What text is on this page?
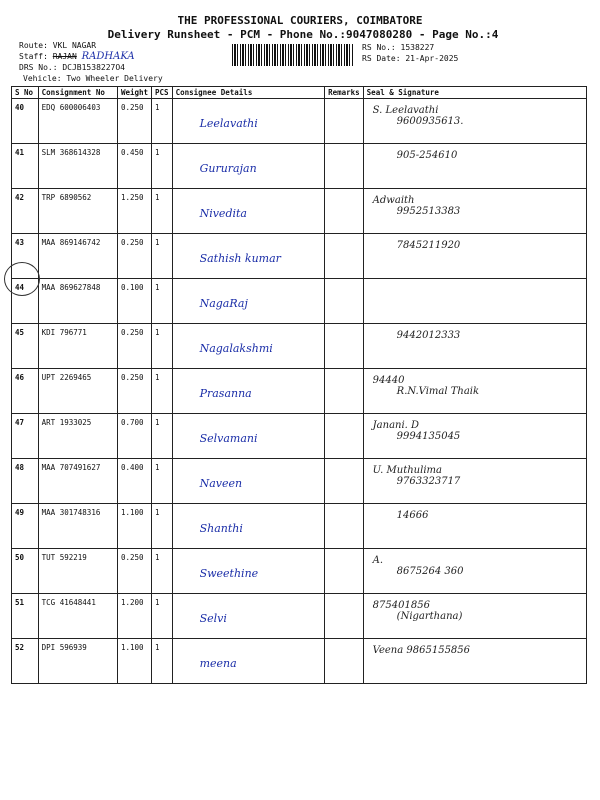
THE PROFESSIONAL COURIERS, COIMBATORE
Delivery Runsheet - PCM - Phone No.:9047080280 - Page No.:4
Route: VKL NAGAR
Staff: RAJAN RADHAKA
DRS No.: DCJB1538227O4
Vehicle: Two Wheeler Delivery
RS No.: 1538227
RS Date: 21-Apr-2025
S No	Consignment No	Weight	PCS	Consignee Details	Remarks	Seal & Signature

40	EDQ 600006403	0.250	1	Leelavathi		S. Leelavathi
9600935613.

41	SLM 368614328	0.450	1	Gururajan		905-254610

42	TRP 6890562	1.250	1	Nivedita		Adwaith
9952513383

43	MAA 869146742	0.250	1	Sathish kumar		7845211920

44	MAA 869627848	0.100	1	NagaRaj		

45	KDI 796771	0.250	1	Nagalakshmi		9442012333

46	UPT 2269465	0.250	1	Prasanna		94440
R.N.Vimal Thaik

47	ART 1933025	0.700	1	Selvamani		Janani. D
9994135045

48	MAA 707491627	0.400	1	Naveen		U. Muthulima
9763323717

49	MAA 301748316	1.100	1	Shanthi		14666

50	TUT 592219	0.250	1	Sweethine		A.
8675264 360

51	TCG 41648441	1.200	1	Selvi		875401856
(Nigarthana)

52	DPI 596939	1.100	1	meena		Veena 9865155856
